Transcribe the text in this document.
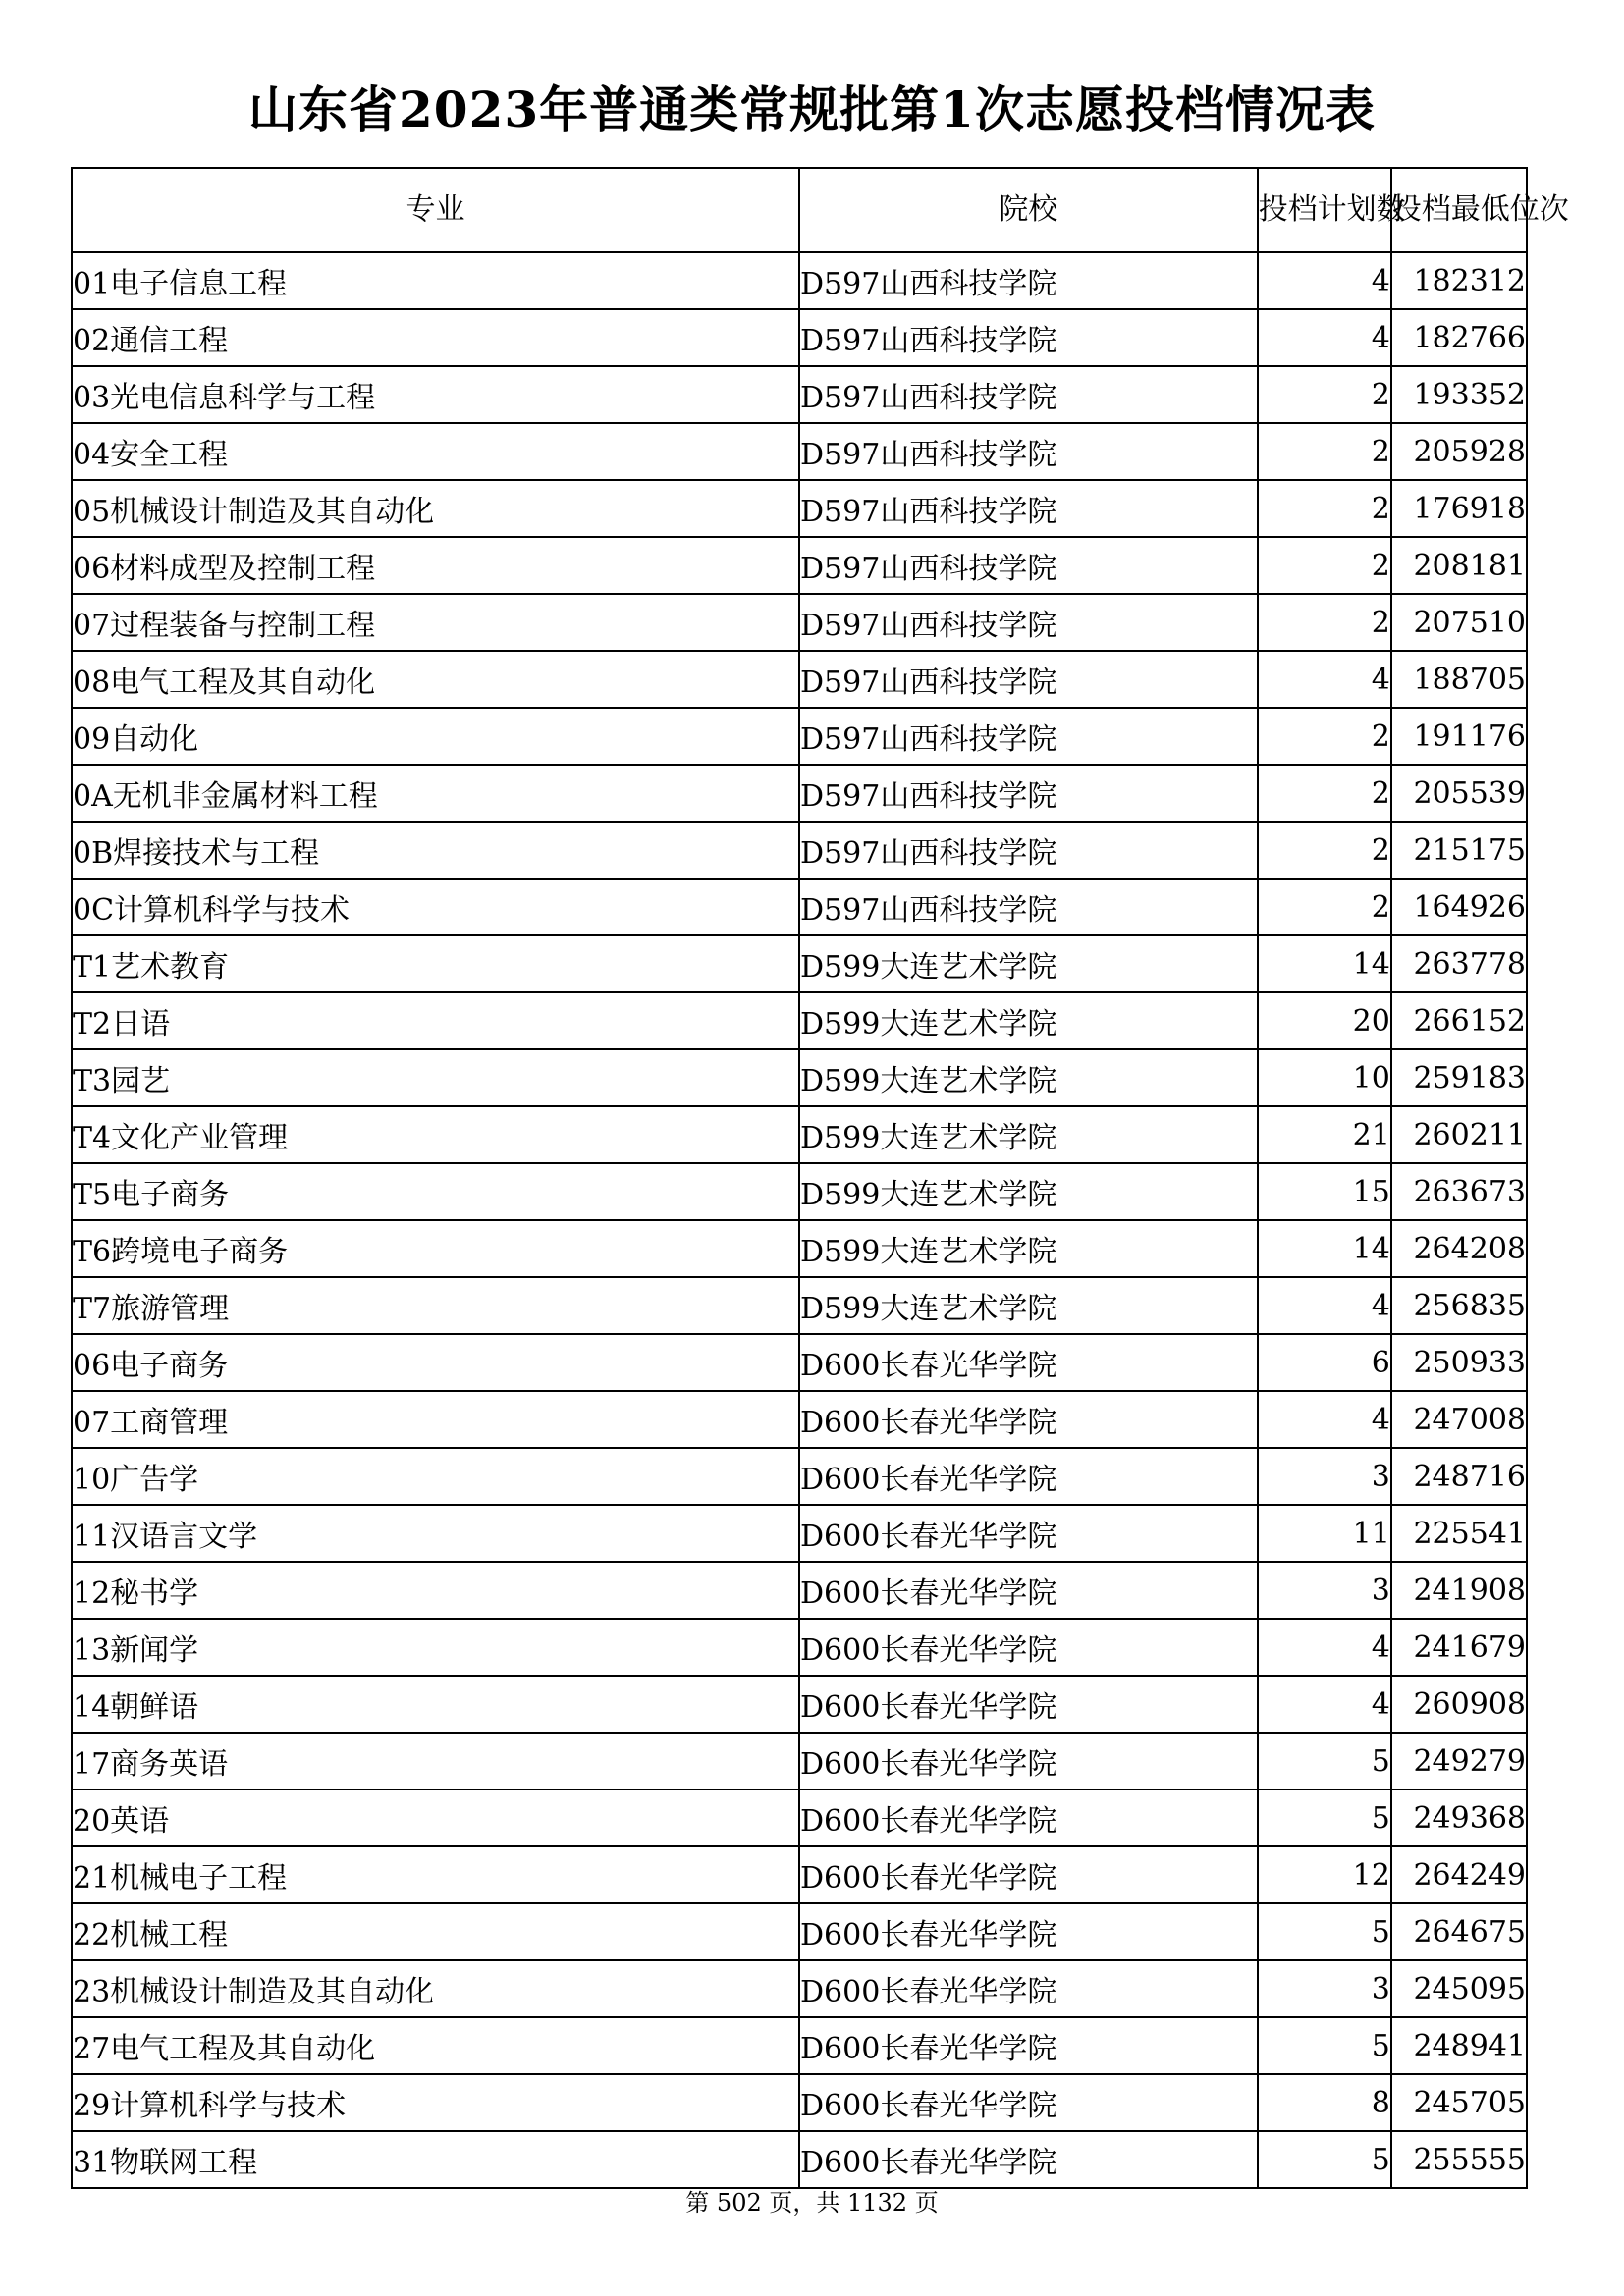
山东省2023年普通类常规批第1次志愿投档情况表
专业	院校	投档计划数	投档最低位次
01电子信息工程	D597山西科技学院	4	182312
02通信工程	D597山西科技学院	4	182766
03光电信息科学与工程	D597山西科技学院	2	193352
04安全工程	D597山西科技学院	2	205928
05机械设计制造及其自动化	D597山西科技学院	2	176918
06材料成型及控制工程	D597山西科技学院	2	208181
07过程装备与控制工程	D597山西科技学院	2	207510
08电气工程及其自动化	D597山西科技学院	4	188705
09自动化	D597山西科技学院	2	191176
0A无机非金属材料工程	D597山西科技学院	2	205539
0B焊接技术与工程	D597山西科技学院	2	215175
0C计算机科学与技术	D597山西科技学院	2	164926
T1艺术教育	D599大连艺术学院	14	263778
T2日语	D599大连艺术学院	20	266152
T3园艺	D599大连艺术学院	10	259183
T4文化产业管理	D599大连艺术学院	21	260211
T5电子商务	D599大连艺术学院	15	263673
T6跨境电子商务	D599大连艺术学院	14	264208
T7旅游管理	D599大连艺术学院	4	256835
06电子商务	D600长春光华学院	6	250933
07工商管理	D600长春光华学院	4	247008
10广告学	D600长春光华学院	3	248716
11汉语言文学	D600长春光华学院	11	225541
12秘书学	D600长春光华学院	3	241908
13新闻学	D600长春光华学院	4	241679
14朝鲜语	D600长春光华学院	4	260908
17商务英语	D600长春光华学院	5	249279
20英语	D600长春光华学院	5	249368
21机械电子工程	D600长春光华学院	12	264249
22机械工程	D600长春光华学院	5	264675
23机械设计制造及其自动化	D600长春光华学院	3	245095
27电气工程及其自动化	D600长春光华学院	5	248941
29计算机科学与技术	D600长春光华学院	8	245705
31物联网工程	D600长春光华学院	5	255555
第 502 页，共 1132 页
